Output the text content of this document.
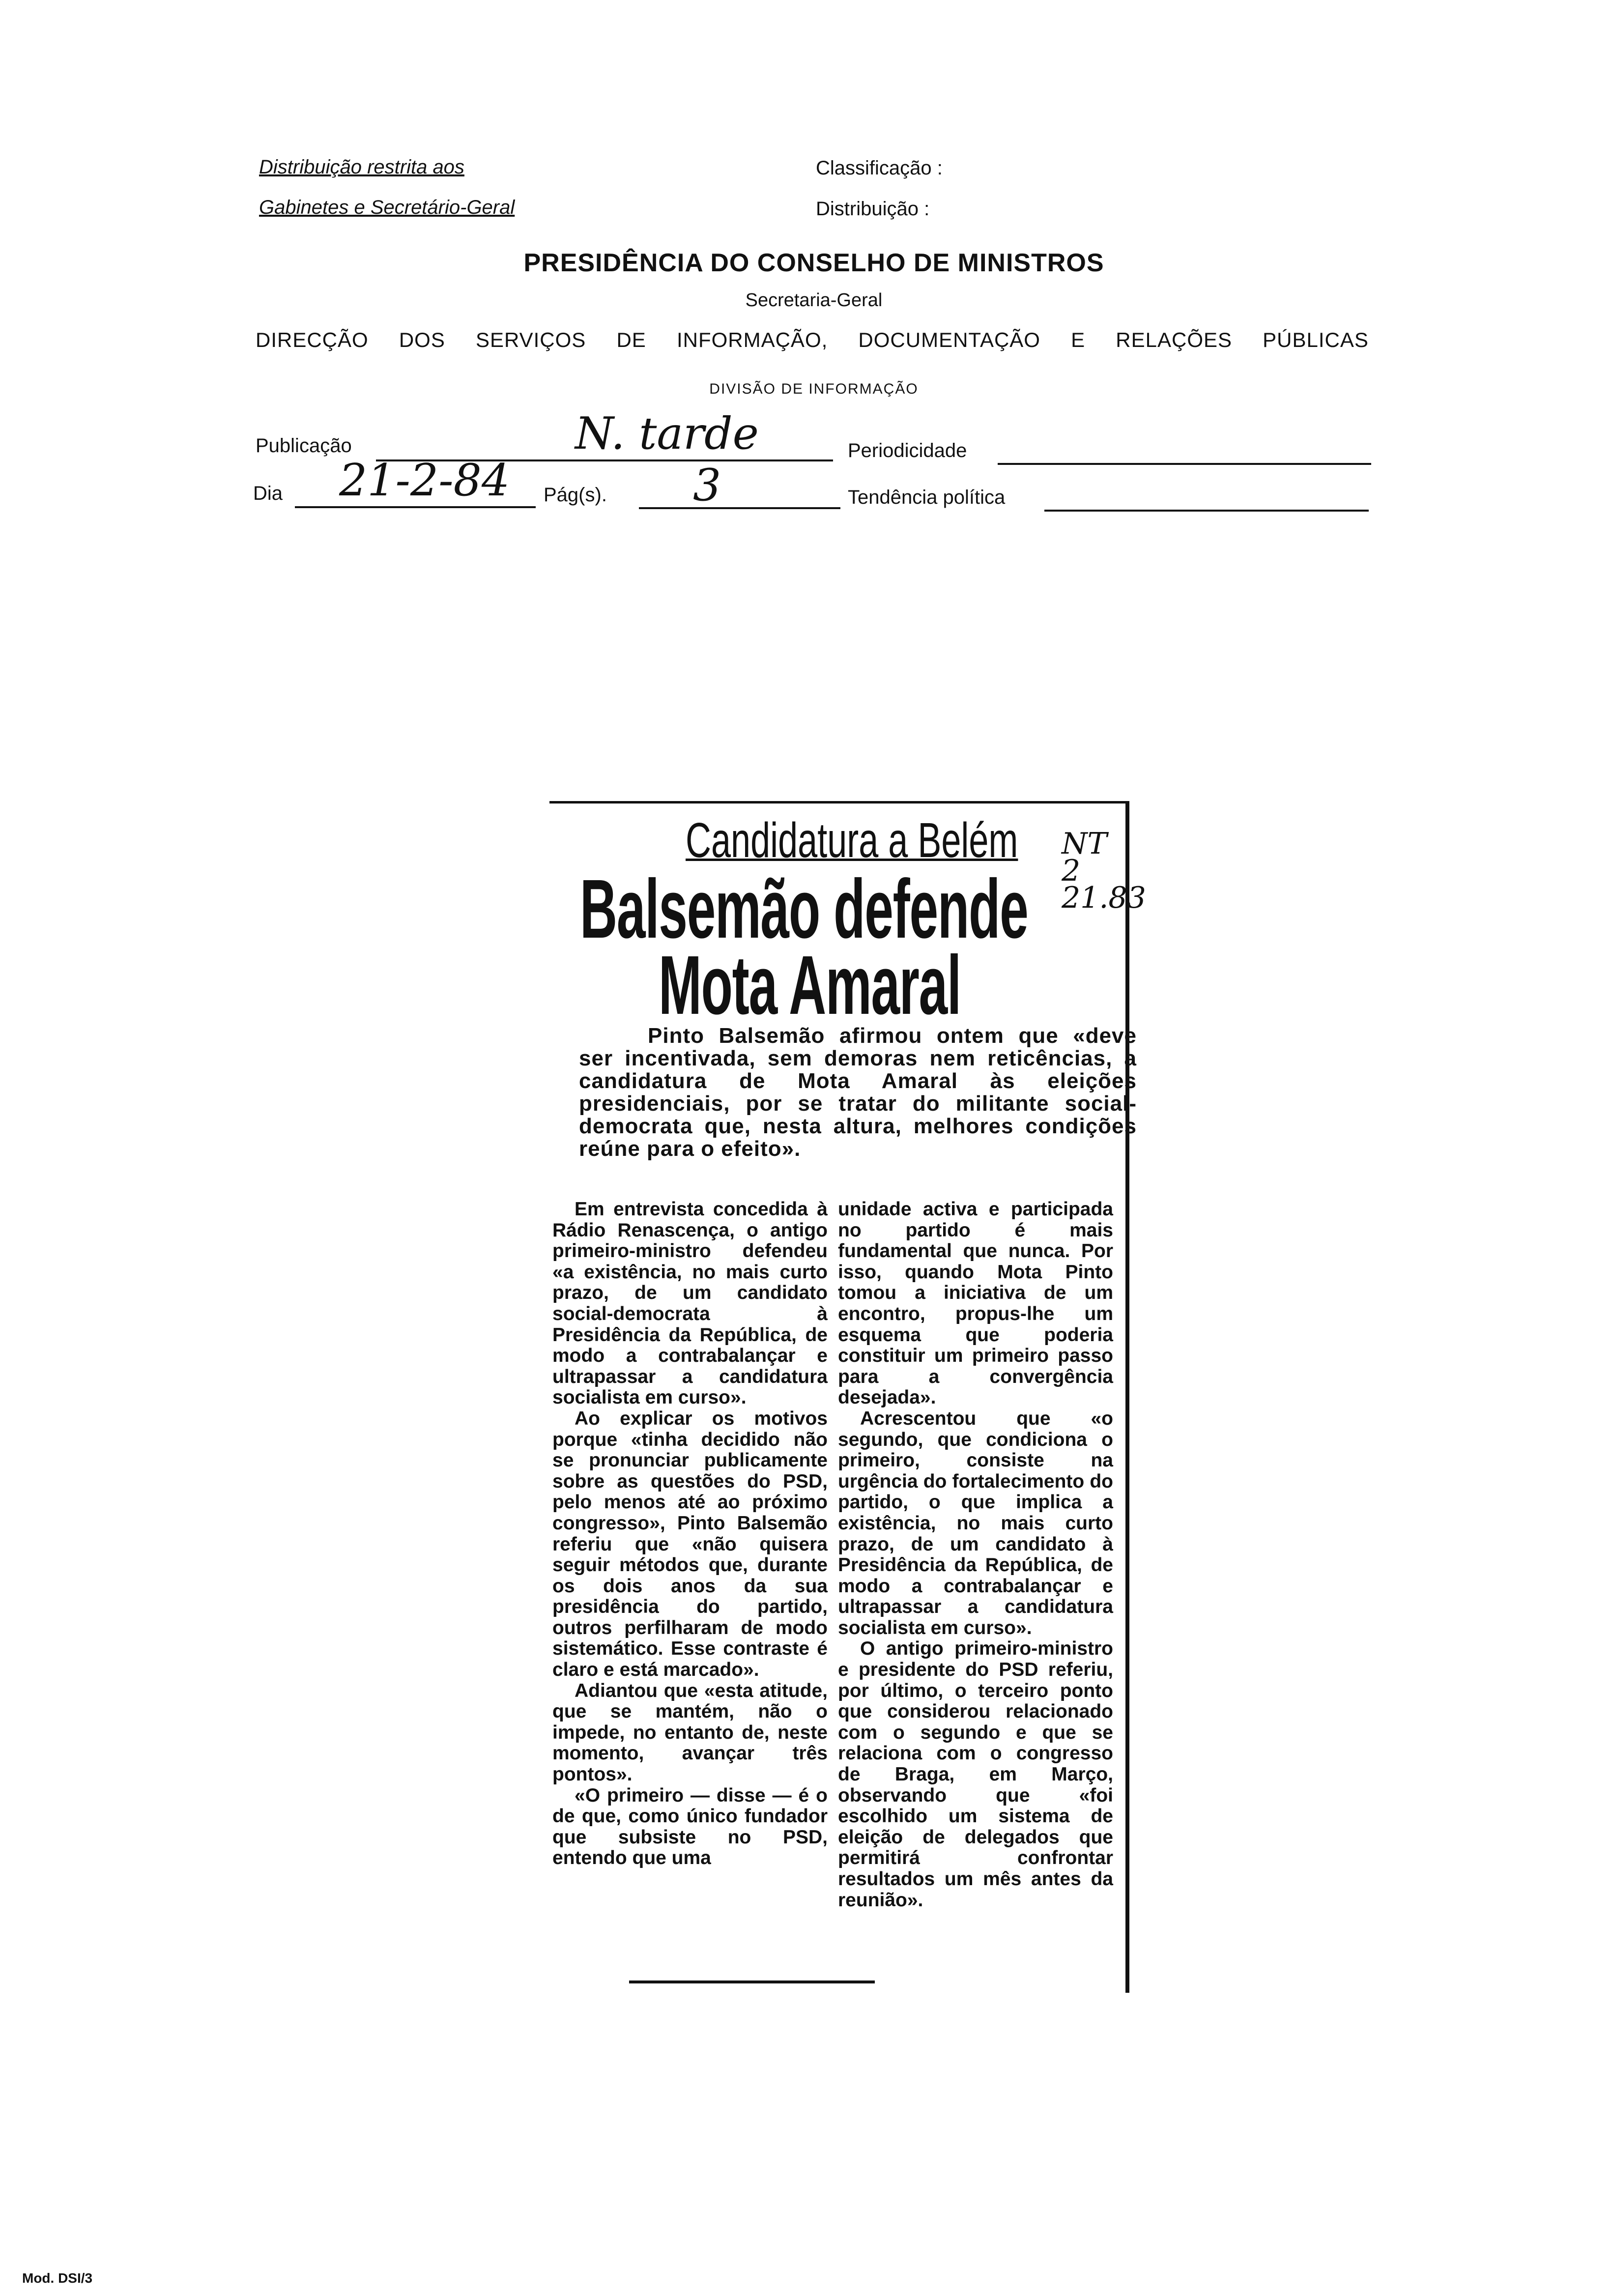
Distribuição restrita aos
Gabinetes e Secretário-Geral
Classificação :
Distribuição :
PRESIDÊNCIA DO CONSELHO DE MINISTROS
Secretaria-Geral
DIRECÇÃO DOS SERVIÇOS DE INFORMAÇÃO, DOCUMENTAÇÃO E RELAÇÕES PÚBLICAS
DIVISÃO DE INFORMAÇÃO
Publicação	N. tarde	Periodicidade
Dia 21-2-84 Pág(s). 3	Tendência política
Candidatura a Belém NT 2 21.83
Balsemão defende
Mota Amaral
Pinto Balsemão afirmou ontem que «deve ser incentivada, sem demoras nem reticências, a candidatura de Mota Amaral às eleições presidenciais, por se tratar do militante social-democrata que, nesta altura, melhores condições reúne para o efeito».

Em entrevista concedida à Rádio Renascença, o antigo primeiro-ministro defendeu «a existência, no mais curto prazo, de um candidato social-democrata à Presidência da República, de modo a contrabalançar e ultrapassar a candidatura socialista em curso».

Ao explicar os motivos porque «tinha decidido não se pronunciar publicamente sobre as questões do PSD, pelo menos até ao próximo congresso», Pinto Balsemão referiu que «não quisera seguir métodos que, durante os dois anos da sua presidência do partido, outros perfilharam de modo sistemático. Esse contraste é claro e está marcado».

Adiantou que «esta atitude, que se mantém, não o impede, no entanto de, neste momento, avançar três pontos».

«O primeiro — disse — é o de que, como único fundador que subsiste no PSD, entendo que uma

unidade activa e participada no partido é mais fundamental que nunca. Por isso, quando Mota Pinto tomou a iniciativa de um encontro, propus-lhe um esquema que poderia constituir um primeiro passo para a convergência desejada».

Acrescentou que «o segundo, que condiciona o primeiro, consiste na urgência do fortalecimento do partido, o que implica a existência, no mais curto prazo, de um candidato à Presidência da República, de modo a contrabalançar e ultrapassar a candidatura socialista em curso».

O antigo primeiro-ministro e presidente do PSD referiu, por último, o terceiro ponto que considerou relacionado com o segundo e que se relaciona com o congresso de Braga, em Março, observando que «foi escolhido um sistema de eleição de delegados que permitirá confrontar resultados um mês antes da reunião».

Mod. DSI/3
